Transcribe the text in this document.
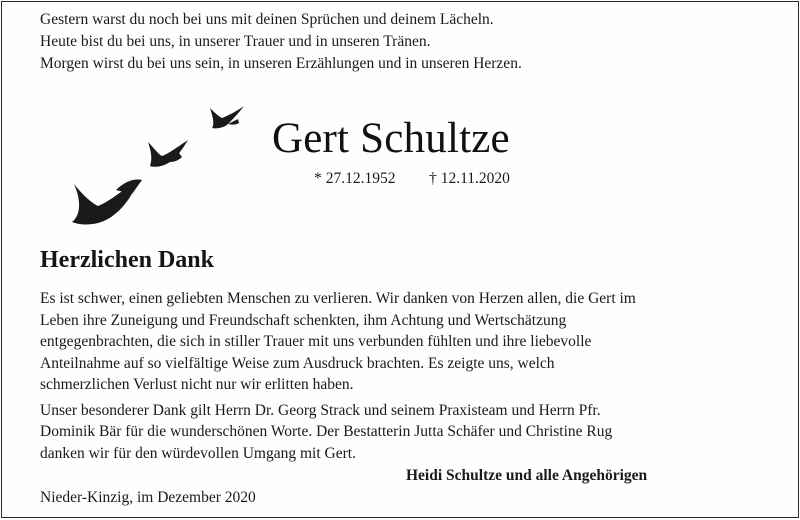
Gestern warst du noch bei uns mit deinen Sprüchen und deinem Lächeln.
Heute bist du bei uns, in unserer Trauer und in unseren Tränen.
Morgen wirst du bei uns sein, in unseren Erzählungen und in unseren Herzen.
Gert Schultze
* 27.12.1952 † 12.11.2020
Herzlichen Dank

Es ist schwer, einen geliebten Menschen zu verlieren. Wir danken von Herzen allen, die Gert im
Leben ihre Zuneigung und Freundschaft schenkten, ihm Achtung und Wertschätzung
entgegenbrachten, die sich in stiller Trauer mit uns verbunden fühlten und ihre liebevolle
Anteilnahme auf so vielfältige Weise zum Ausdruck brachten. Es zeigte uns, welch
schmerzlichen Verlust nicht nur wir erlitten haben.

Unser besonderer Dank gilt Herrn Dr. Georg Strack und seinem Praxisteam und Herrn Pfr.
Dominik Bär für die wunderschönen Worte. Der Bestatterin Jutta Schäfer und Christine Rug
danken wir für den würdevollen Umgang mit Gert.

Heidi Schultze und alle Angehörigen
Nieder-Kinzig, im Dezember 2020
